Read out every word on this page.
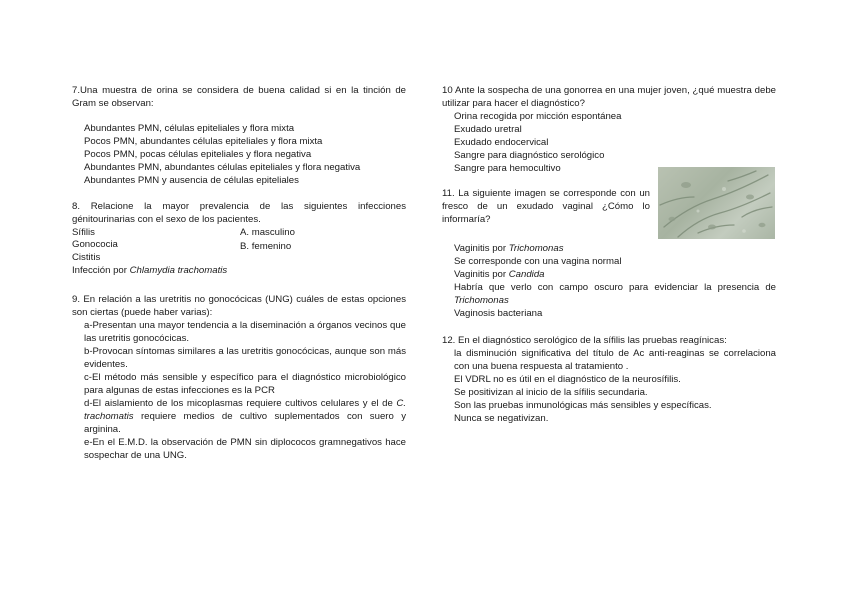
7.Una muestra de orina se considera de buena calidad si en la tinción de Gram se observan:

Abundantes PMN, células epiteliales y flora mixta
Pocos PMN, abundantes células epiteliales y flora mixta
Pocos PMN, pocas células epiteliales y flora negativa
Abundantes PMN, abundantes células epiteliales y flora negativa
Abundantes PMN y ausencia de células epiteliales

8. Relacione la mayor prevalencia de las siguientes infecciones génitourinarias con el sexo de los pacientes.

Sífilis
Gonococia
Cistitis
A. masculino
B. femenino
Infección por Chlamydia trachomatis

9. En relación a las uretritis no gonocócicas (UNG) cuáles de estas opciones son ciertas (puede haber varias):

a-Presentan una mayor tendencia a la diseminación a órganos vecinos que las uretritis gonocócicas.

b-Provocan síntomas similares a las uretritis gonocócicas, aunque son más evidentes.

c-El método más sensible y específico para el diagnóstico microbiológico para algunas de estas infecciones es la PCR

d-El aislamiento de los micoplasmas requiere cultivos celulares y el de C. trachomatis requiere medios de cultivo suplementados con suero y arginina.

e-En el E.M.D. la observación de PMN sin diplococos gramnegativos hace sospechar de una UNG.

10 Ante la sospecha de una gonorrea en una mujer joven, ¿qué muestra debe utilizar para hacer el diagnóstico?

Orina recogida por micción espontánea
Exudado uretral
Exudado endocervical
Sangre para diagnóstico serológico
Sangre para hemocultivo

11. La siguiente imagen se corresponde con un fresco de un exudado vaginal ¿Cómo lo informaría?

Vaginitis por Trichomonas
Se corresponde con una vagina normal
Vaginitis por Candida
Habría que verlo con campo oscuro para evidenciar la presencia de Trichomonas
Vaginosis bacteriana

12. En el diagnóstico serológico de la sífilis las pruebas reagínicas:

la disminución significativa del título de Ac anti-reaginas se correlaciona con una buena respuesta al tratamiento .
El VDRL no es útil en el diagnóstico de la neurosífilis.
Se positivizan al inicio de la sífilis secundaria.
Son las pruebas inmunológicas más sensibles y específicas.
Nunca se negativizan.
